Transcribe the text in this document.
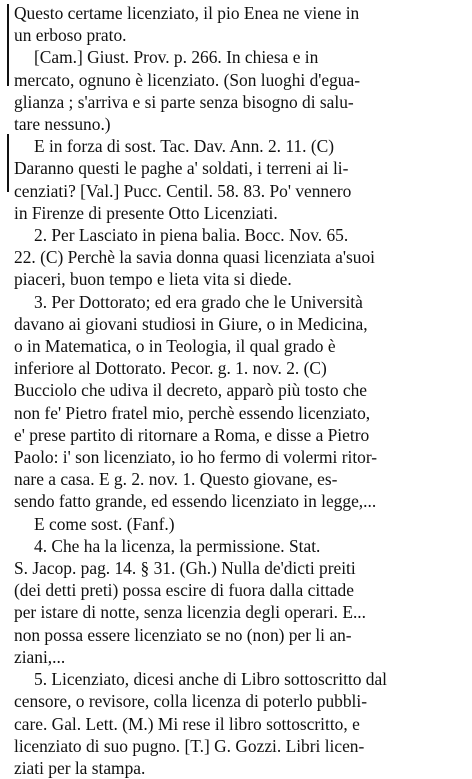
Questo certame licenziato, il pio Enea ne viene in
un erboso prato.
[Cam.] Giust. Prov. p. 266. In chiesa e in
mercato, ognuno è licenziato. (Son luoghi d'egua-
glianza ; s'arriva e si parte senza bisogno di salu-
tare nessuno.)
E in forza di sost. Tac. Dav. Ann. 2. 11. (C)
Daranno questi le paghe a' soldati, i terreni ai li-
cenziati? [Val.] Pucc. Centil. 58. 83. Po' vennero
in Firenze di presente Otto Licenziati.
2. Per Lasciato in piena balia. Bocc. Nov. 65.
22. (C) Perchè la savia donna quasi licenziata a'suoi
piaceri, buon tempo e lieta vita si diede.
3. Per Dottorato; ed era grado che le Università
davano ai giovani studiosi in Giure, o in Medicina,
o in Matematica, o in Teologia, il qual grado è
inferiore al Dottorato. Pecor. g. 1. nov. 2. (C)
Bucciolo che udiva il decreto, apparò più tosto che
non fe' Pietro fratel mio, perchè essendo licenziato,
e' prese partito di ritornare a Roma, e disse a Pietro
Paolo: i' son licenziato, io ho fermo di volermi ritor-
nare a casa. E g. 2. nov. 1. Questo giovane, es-
sendo fatto grande, ed essendo licenziato in legge,...
E come sost. (Fanf.)
4. Che ha la licenza, la permissione. Stat.
S. Jacop. pag. 14. § 31. (Gh.) Nulla de'dicti preiti
(dei detti preti) possa escire di fuora dalla cittade
per istare di notte, senza licenzia degli operari. E...
non possa essere licenziato se no (non) per li an-
ziani,...
5. Licenziato, dicesi anche di Libro sottoscritto dal
censore, o revisore, colla licenza di poterlo pubbli-
care. Gal. Lett. (M.) Mi rese il libro sottoscritto, e
licenziato di suo pugno. [T.] G. Gozzi. Libri licen-
ziati per la stampa.
